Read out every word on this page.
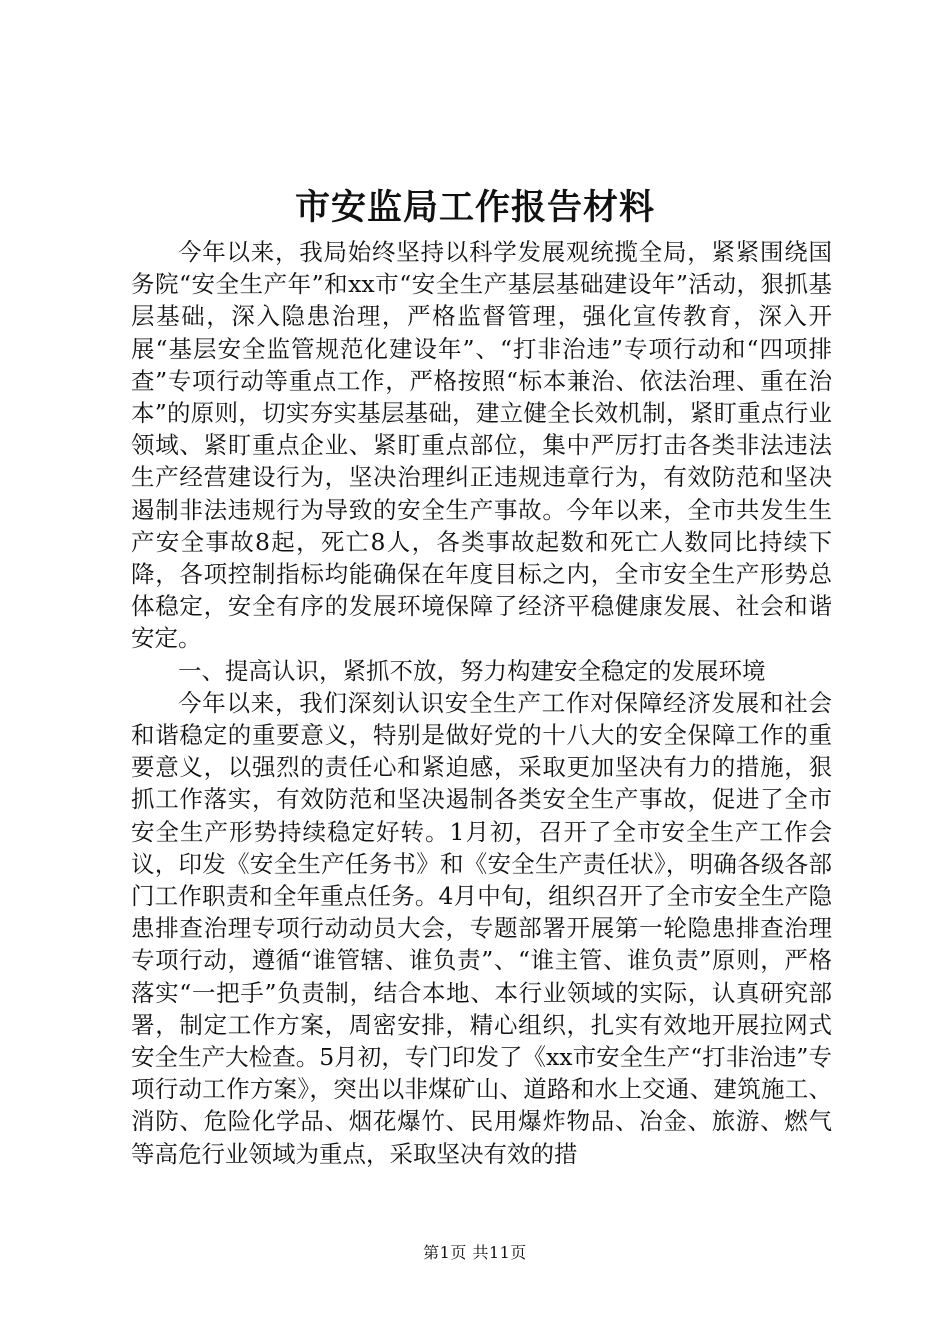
市安监局工作报告材料

今年以来，我局始终坚持以科学发展观统揽全局，紧紧围绕国务院“安全生产年”和xx市“安全生产基层基础建设年”活动，狠抓基层基础，深入隐患治理，严格监督管理，强化宣传教育，深入开展“基层安全监管规范化建设年”、“打非治违”专项行动和“四项排查”专项行动等重点工作，严格按照“标本兼治、依法治理、重在治本”的原则，切实夯实基层基础，建立健全长效机制，紧盯重点行业领域、紧盯重点企业、紧盯重点部位，集中严厉打击各类非法违法生产经营建设行为，坚决治理纠正违规违章行为，有效防范和坚决遏制非法违规行为导致的安全生产事故。今年以来，全市共发生生产安全事故8起，死亡8人，各类事故起数和死亡人数同比持续下降，各项控制指标均能确保在年度目标之内，全市安全生产形势总体稳定，安全有序的发展环境保障了经济平稳健康发展、社会和谐安定。

一、提高认识，紧抓不放，努力构建安全稳定的发展环境

今年以来，我们深刻认识安全生产工作对保障经济发展和社会和谐稳定的重要意义，特别是做好党的十八大的安全保障工作的重要意义，以强烈的责任心和紧迫感，采取更加坚决有力的措施，狠抓工作落实，有效防范和坚决遏制各类安全生产事故，促进了全市安全生产形势持续稳定好转。1月初，召开了全市安全生产工作会议，印发《安全生产任务书》和《安全生产责任状》，明确各级各部门工作职责和全年重点任务。4月中旬，组织召开了全市安全生产隐患排查治理专项行动动员大会，专题部署开展第一轮隐患排查治理专项行动，遵循“谁管辖、谁负责”、“谁主管、谁负责”原则，严格落实“一把手”负责制，结合本地、本行业领域的实际，认真研究部署，制定工作方案，周密安排，精心组织，扎实有效地开展拉网式安全生产大检查。5月初，专门印发了《xx市安全生产“打非治违”专项行动工作方案》，突出以非煤矿山、道路和水上交通、建筑施工、消防、危险化学品、烟花爆竹、民用爆炸物品、冶金、旅游、燃气等高危行业领域为重点，采取坚决有效的措

第1页 共11页
